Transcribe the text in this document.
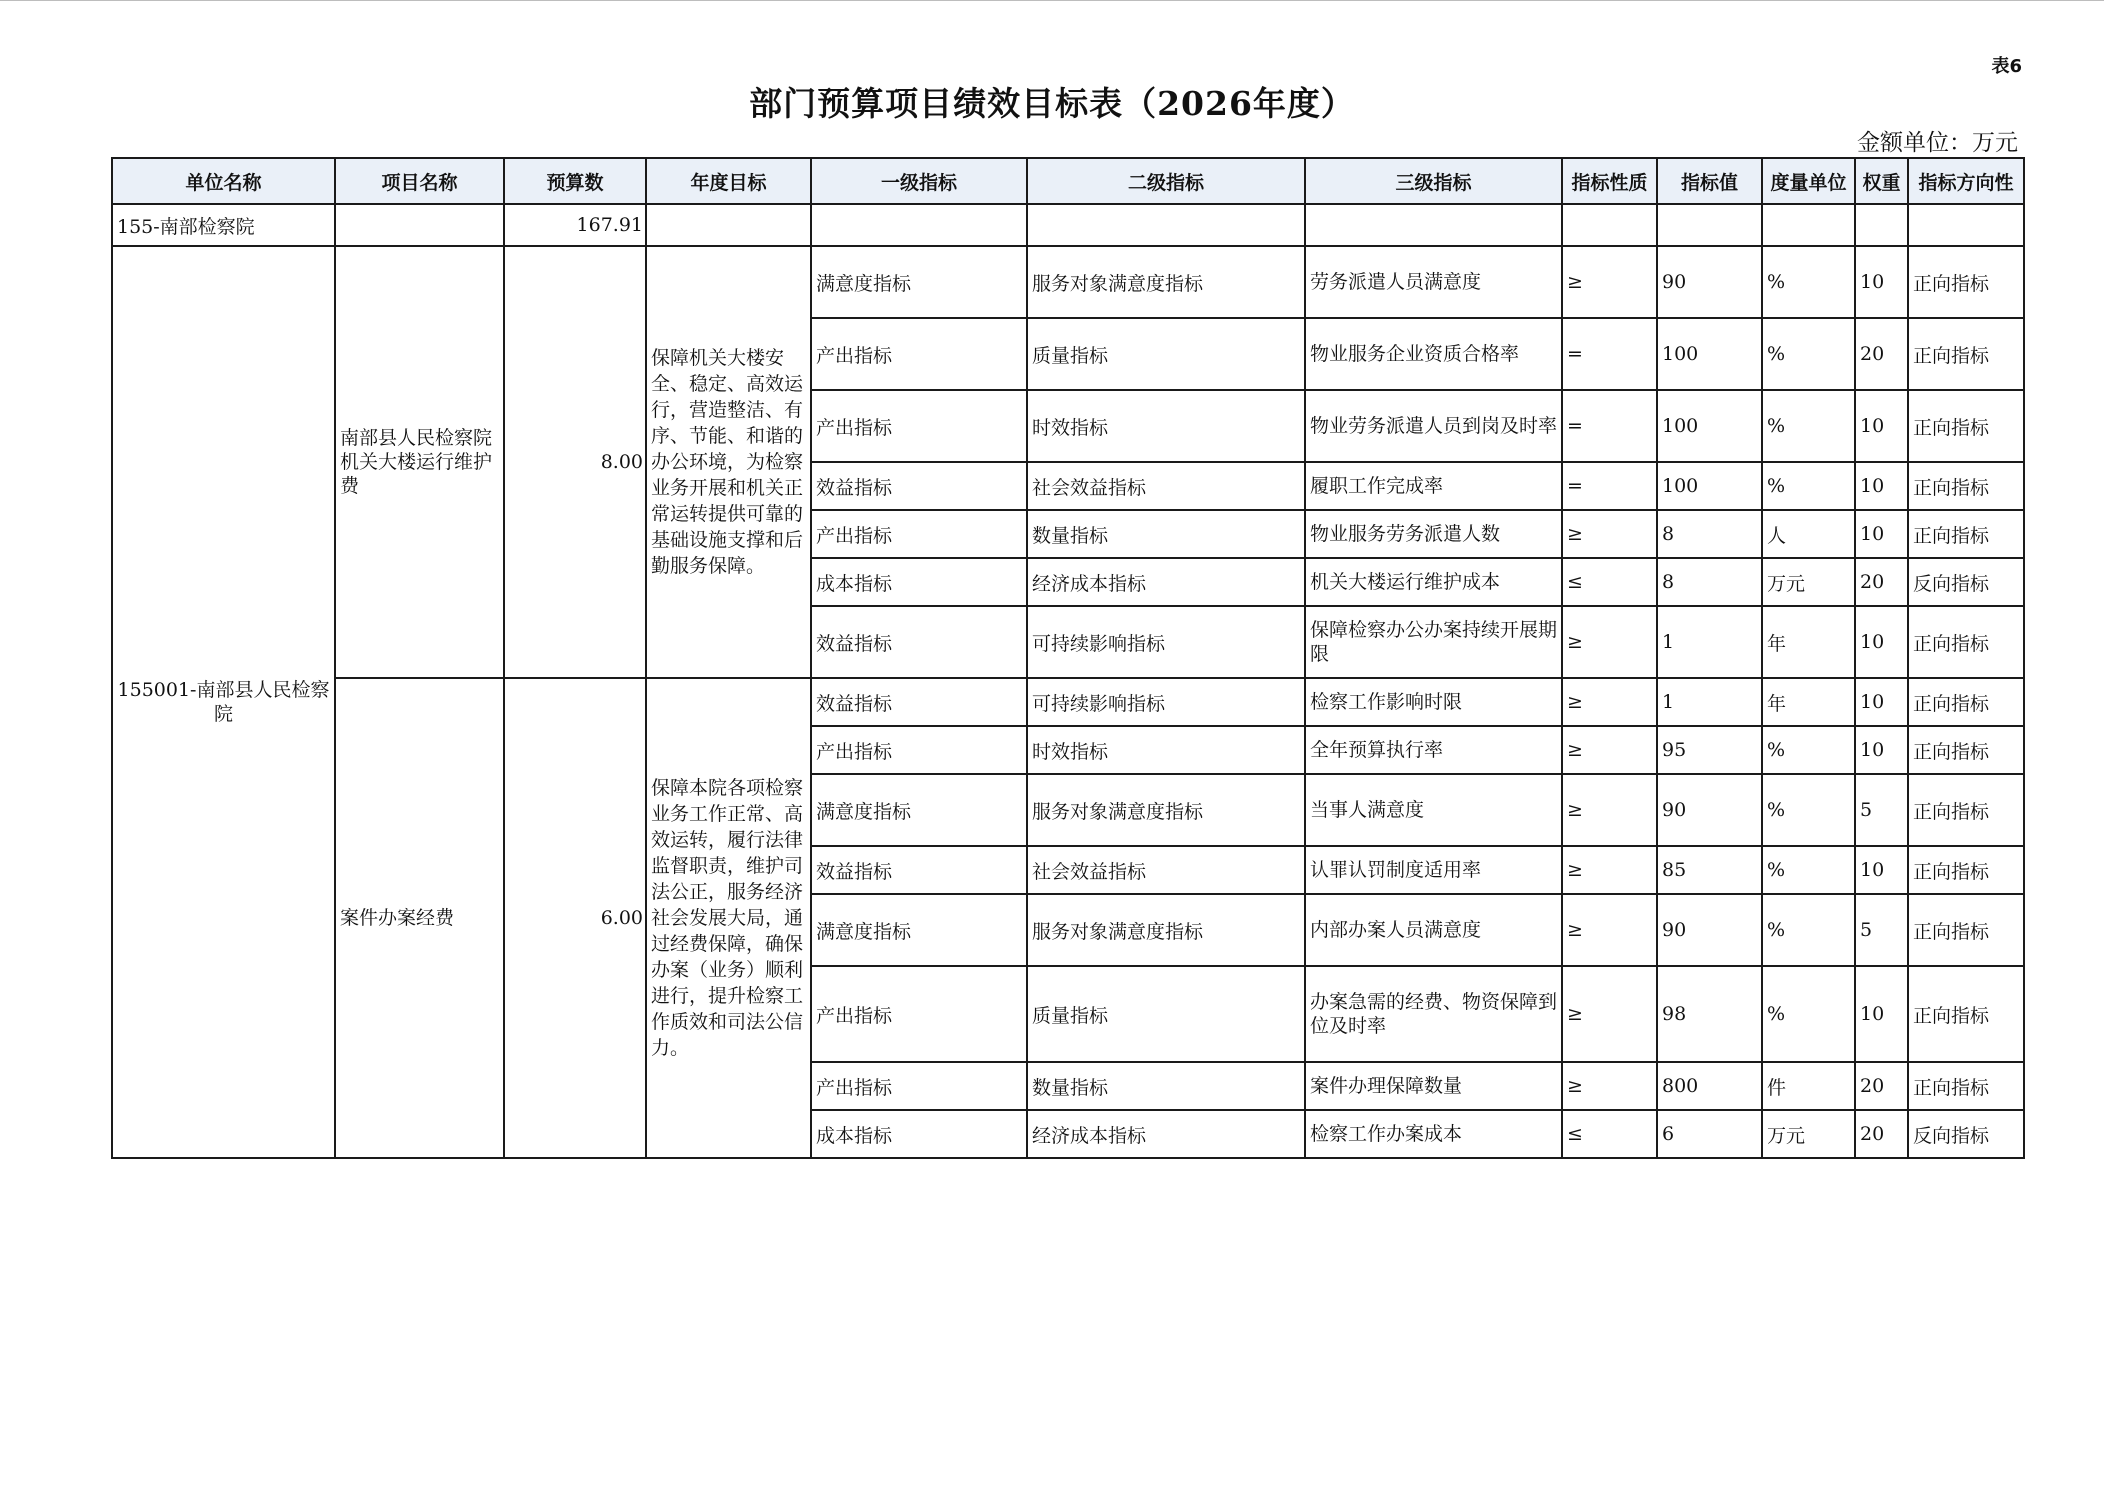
表6
部门预算项目绩效目标表（2026年度）
金额单位：万元
单位名称	项目名称	预算数	年度目标	一级指标	二级指标	三级指标	指标性质	指标值	度量单位	权重	指标方向性
155-南部检察院		167.91									
155001-南部县人民检察院	南部县人民检察院机关大楼运行维护费	8.00	保障机关大楼安全、稳定、高效运行，营造整洁、有序、节能、和谐的办公环境，为检察业务开展和机关正常运转提供可靠的基础设施支撑和后勤服务保障。	满意度指标	服务对象满意度指标	劳务派遣人员满意度	≥	90	%	10	正向指标
				产出指标	质量指标	物业服务企业资质合格率	=	100	%	20	正向指标
				产出指标	时效指标	物业劳务派遣人员到岗及时率	=	100	%	10	正向指标
				效益指标	社会效益指标	履职工作完成率	=	100	%	10	正向指标
				产出指标	数量指标	物业服务劳务派遣人数	≥	8	人	10	正向指标
				成本指标	经济成本指标	机关大楼运行维护成本	≤	8	万元	20	反向指标
				效益指标	可持续影响指标	保障检察办公办案持续开展期限	≥	1	年	10	正向指标
	案件办案经费	6.00	保障本院各项检察业务工作正常、高效运转，履行法律监督职责，维护司法公正，服务经济社会发展大局，通过经费保障，确保办案（业务）顺利进行，提升检察工作质效和司法公信力。	效益指标	可持续影响指标	检察工作影响时限	≥	1	年	10	正向指标
				产出指标	时效指标	全年预算执行率	≥	95	%	10	正向指标
				满意度指标	服务对象满意度指标	当事人满意度	≥	90	%	5	正向指标
				效益指标	社会效益指标	认罪认罚制度适用率	≥	85	%	10	正向指标
				满意度指标	服务对象满意度指标	内部办案人员满意度	≥	90	%	5	正向指标
				产出指标	质量指标	办案急需的经费、物资保障到位及时率	≥	98	%	10	正向指标
				产出指标	数量指标	案件办理保障数量	≥	800	件	20	正向指标
				成本指标	经济成本指标	检察工作办案成本	≤	6	万元	20	反向指标
